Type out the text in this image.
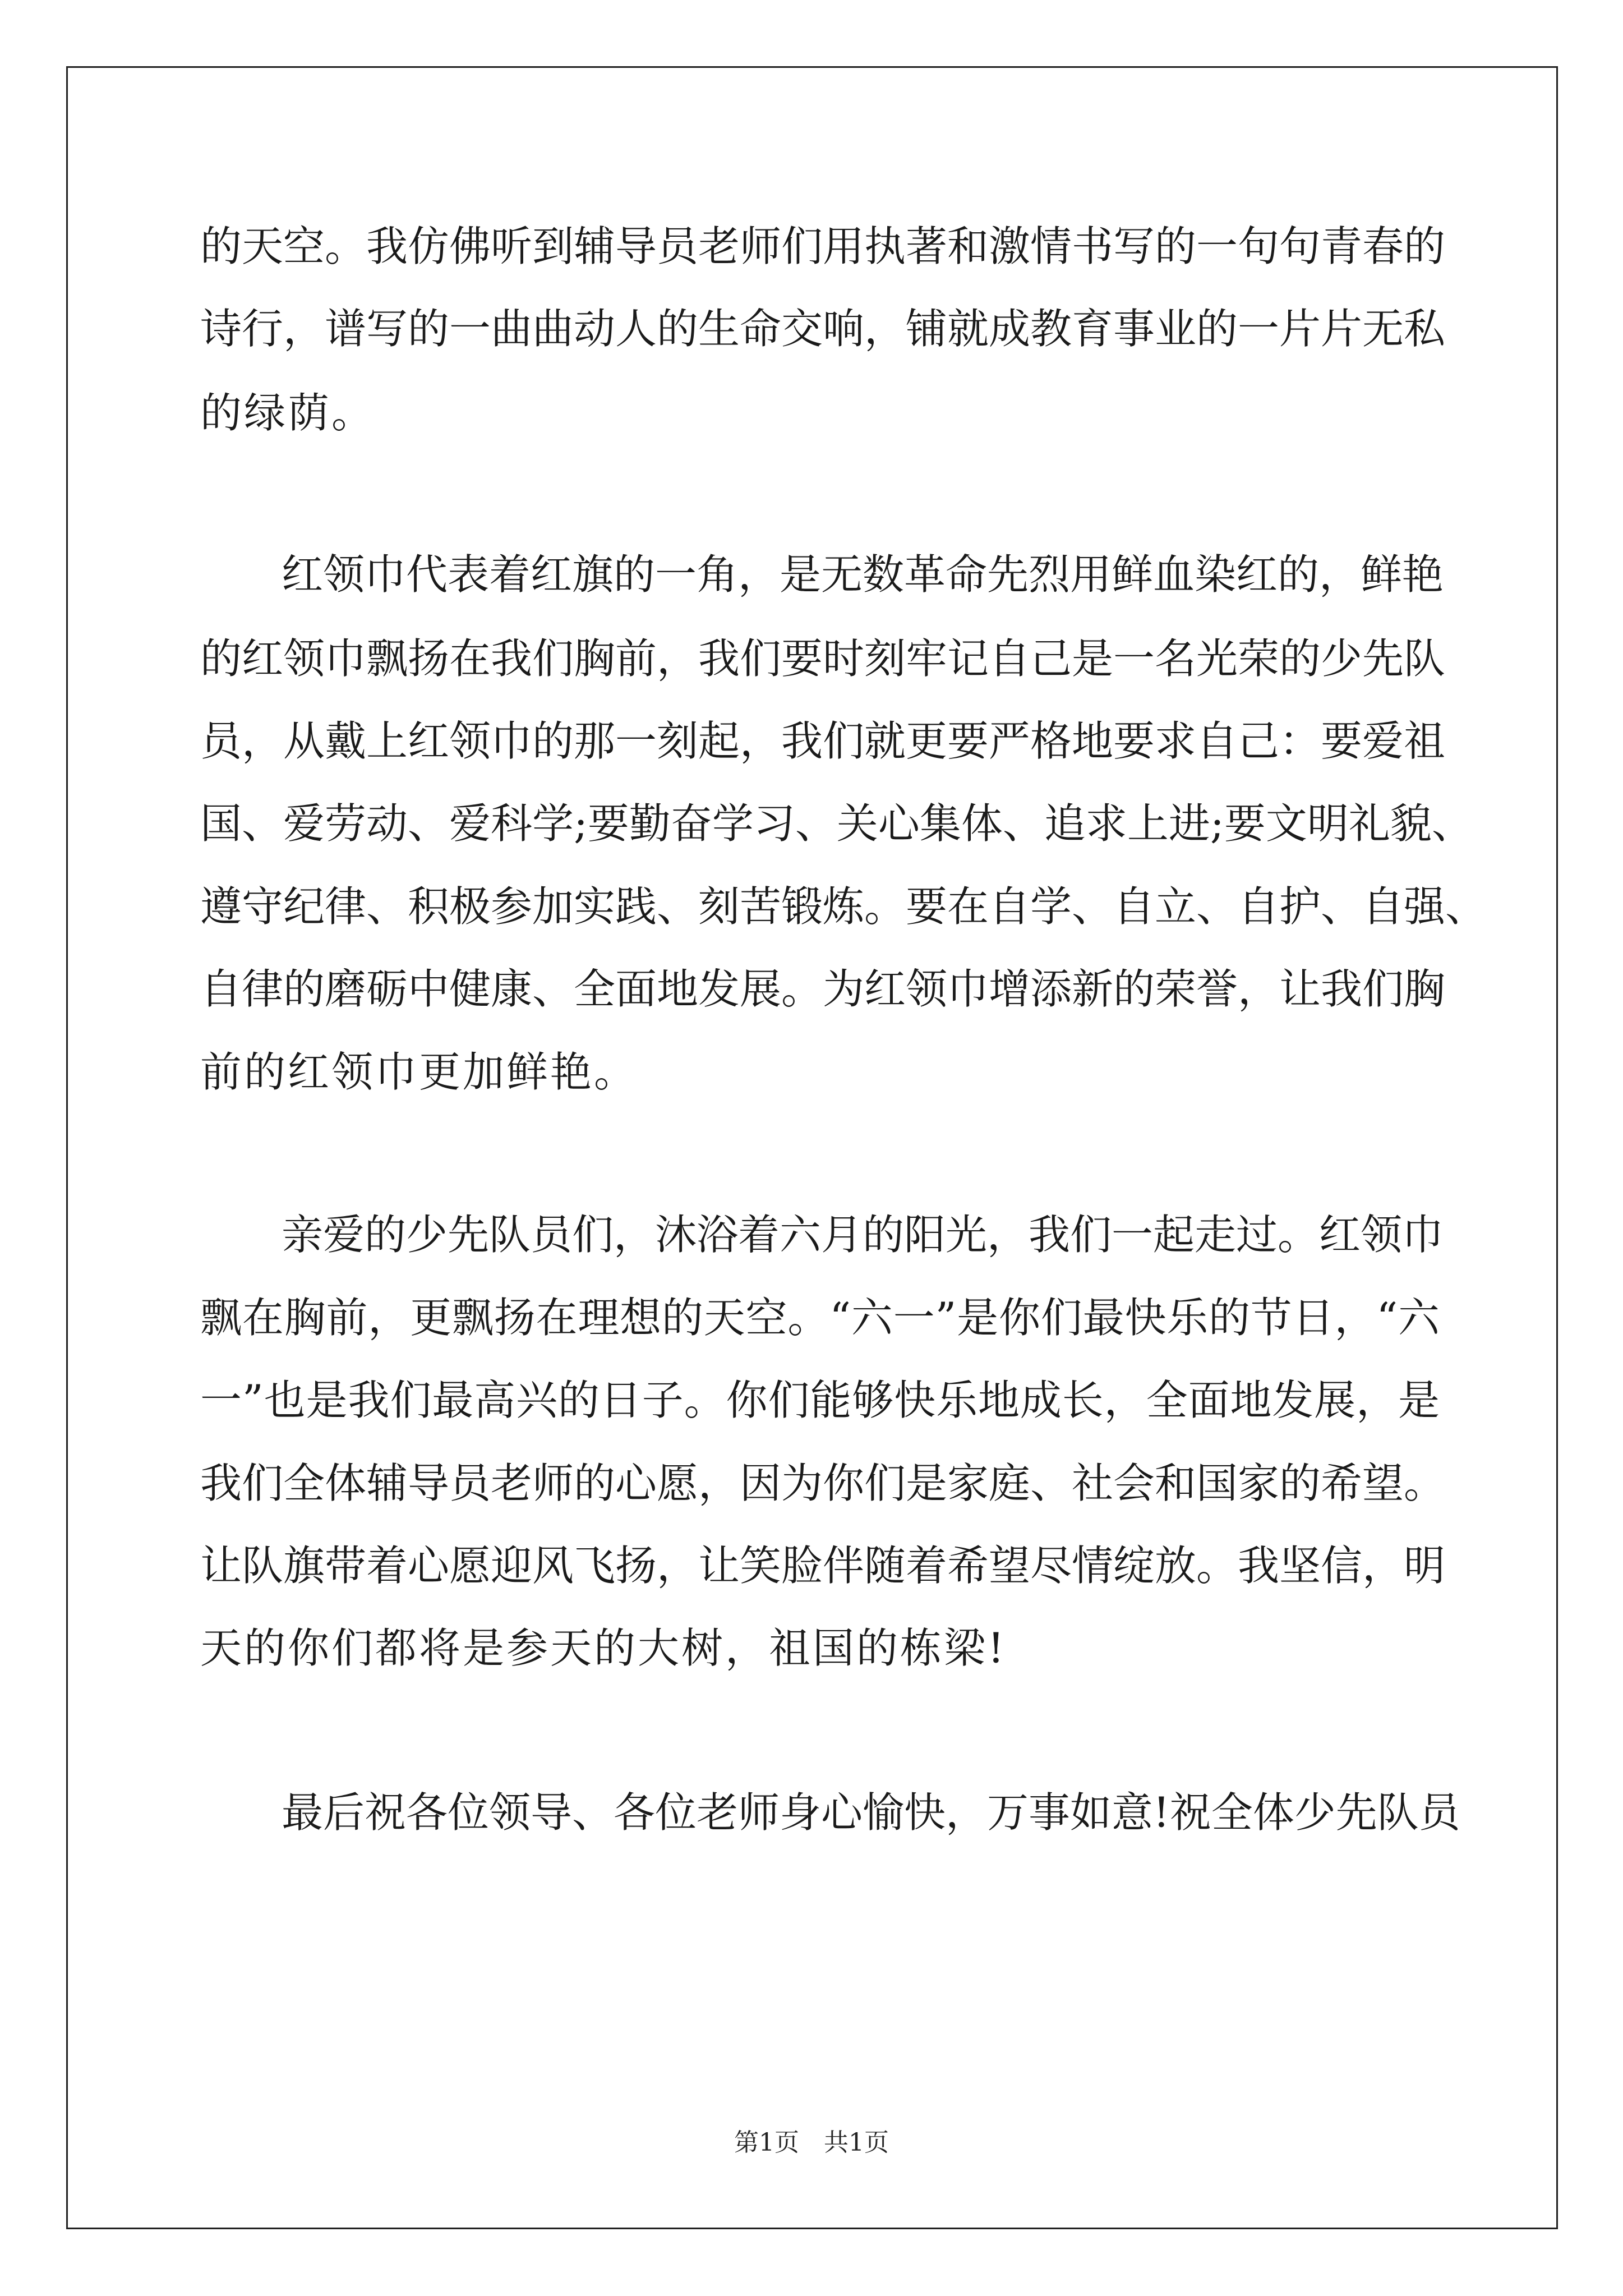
的天空。我仿佛听到辅导员老师们用执著和激情书写的一句句青春的
诗行，谱写的一曲曲动人的生命交响，铺就成教育事业的一片片无私
的绿荫。
红领巾代表着红旗的一角，是无数革命先烈用鲜血染红的，鲜艳
的红领巾飘扬在我们胸前，我们要时刻牢记自己是一名光荣的少先队
员，从戴上红领巾的那一刻起，我们就更要严格地要求自己：要爱祖
国、爱劳动、爱科学;要勤奋学习、关心集体、追求上进;要文明礼貌、
遵守纪律、积极参加实践、刻苦锻炼。要在自学、自立、自护、自强、
自律的磨砺中健康、全面地发展。为红领巾增添新的荣誉，让我们胸
前的红领巾更加鲜艳。
亲爱的少先队员们，沐浴着六月的阳光，我们一起走过。红领巾
飘在胸前，更飘扬在理想的天空。“六一”是你们最快乐的节日，“六
一”也是我们最高兴的日子。你们能够快乐地成长，全面地发展，是
我们全体辅导员老师的心愿，因为你们是家庭、社会和国家的希望。
让队旗带着心愿迎风飞扬，让笑脸伴随着希望尽情绽放。我坚信，明
天的你们都将是参天的大树，祖国的栋梁!
最后祝各位领导、各位老师身心愉快，万事如意!祝全体少先队员
第1页　共1页
